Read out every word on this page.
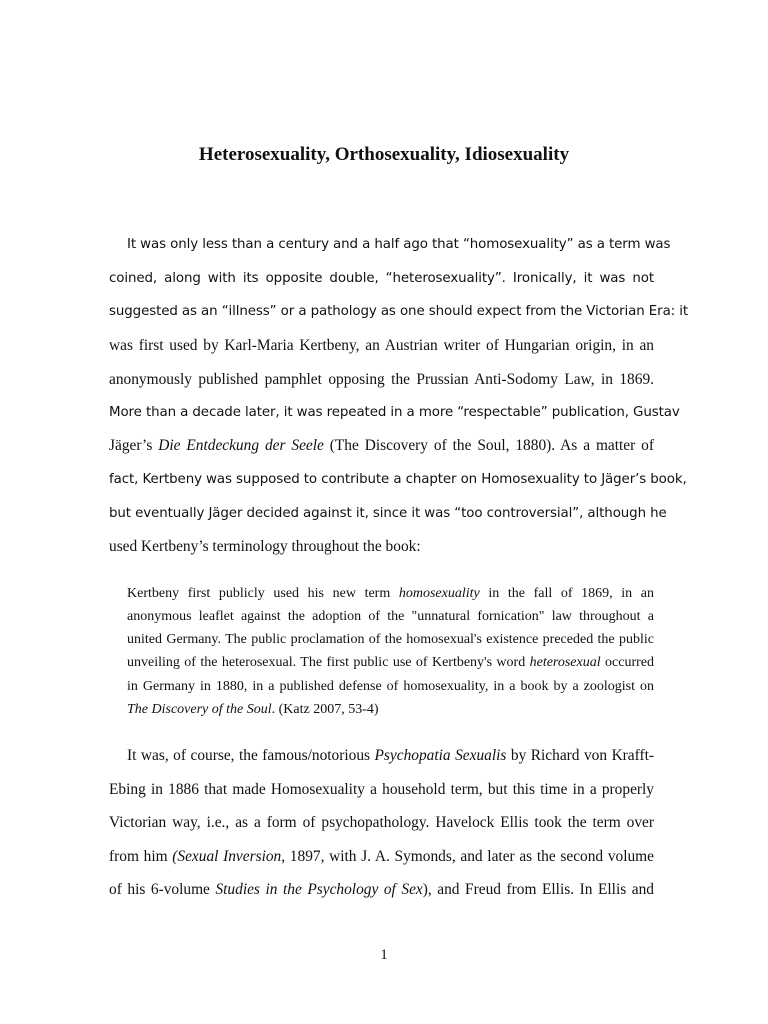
Heterosexuality, Orthosexuality, Idiosexuality

It was only less than a century and a half ago that “homosexuality” as a term was

coined, along with its opposite double, “heterosexuality”. Ironically, it was not

suggested as an “illness” or a pathology as one should expect from the Victorian Era: it

was first used by Karl-Maria Kertbeny, an Austrian writer of Hungarian origin, in an

anonymously published pamphlet opposing the Prussian Anti-Sodomy Law, in 1869.

More than a decade later, it was repeated in a more “respectable” publication, Gustav

Jäger’s Die Entdeckung der Seele (The Discovery of the Soul, 1880). As a matter of

fact, Kertbeny was supposed to contribute a chapter on Homosexuality to Jäger’s book,

but eventually Jäger decided against it, since it was “too controversial”, although he

used Kertbeny’s terminology throughout the book:

Kertbeny first publicly used his new term homosexuality in the fall of 1869, in an

anonymous leaflet against the adoption of the "unnatural fornication" law throughout a

united Germany. The public proclamation of the homosexual's existence preceded the public

unveiling of the heterosexual. The first public use of Kertbeny's word heterosexual occurred

in Germany in 1880, in a published defense of homosexuality, in a book by a zoologist on

The Discovery of the Soul. (Katz 2007, 53-4)

It was, of course, the famous/notorious Psychopatia Sexualis by Richard von Krafft-

Ebing in 1886 that made Homosexuality a household term, but this time in a properly

Victorian way, i.e., as a form of psychopathology. Havelock Ellis took the term over

from him (Sexual Inversion, 1897, with J. A. Symonds, and later as the second volume

of his 6-volume Studies in the Psychology of Sex), and Freud from Ellis. In Ellis and

1
